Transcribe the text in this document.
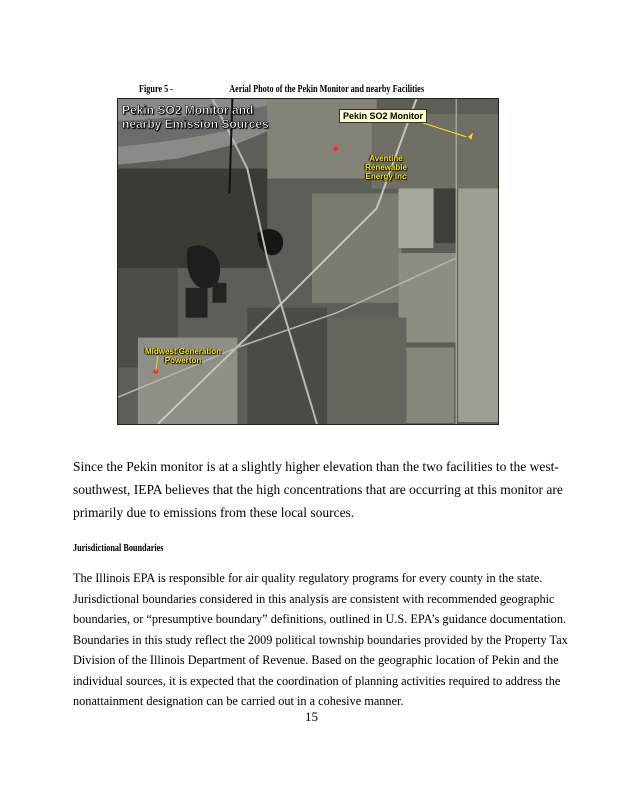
Figure 5 -	Aerial Photo of the Pekin Monitor and nearby Facilities
Pekin SO2 Monitor and nearby Emission Sources
Pekin SO2 Monitor
Aventine Renewable Energy Inc
Midwest Generation Powerton
Since the Pekin monitor is at a slightly higher elevation than the two facilities to the west-southwest, IEPA believes that the high concentrations that are occurring at this monitor are primarily due to emissions from these local sources.
Jurisdictional Boundaries
The Illinois EPA is responsible for air quality regulatory programs for every county in the state. Jurisdictional boundaries considered in this analysis are consistent with recommended geographic boundaries, or “presumptive boundary” definitions, outlined in U.S. EPA’s guidance documentation. Boundaries in this study reflect the 2009 political township boundaries provided by the Property Tax Division of the Illinois Department of Revenue. Based on the geographic location of Pekin and the individual sources, it is expected that the coordination of planning activities required to address the nonattainment designation can be carried out in a cohesive manner.
15
